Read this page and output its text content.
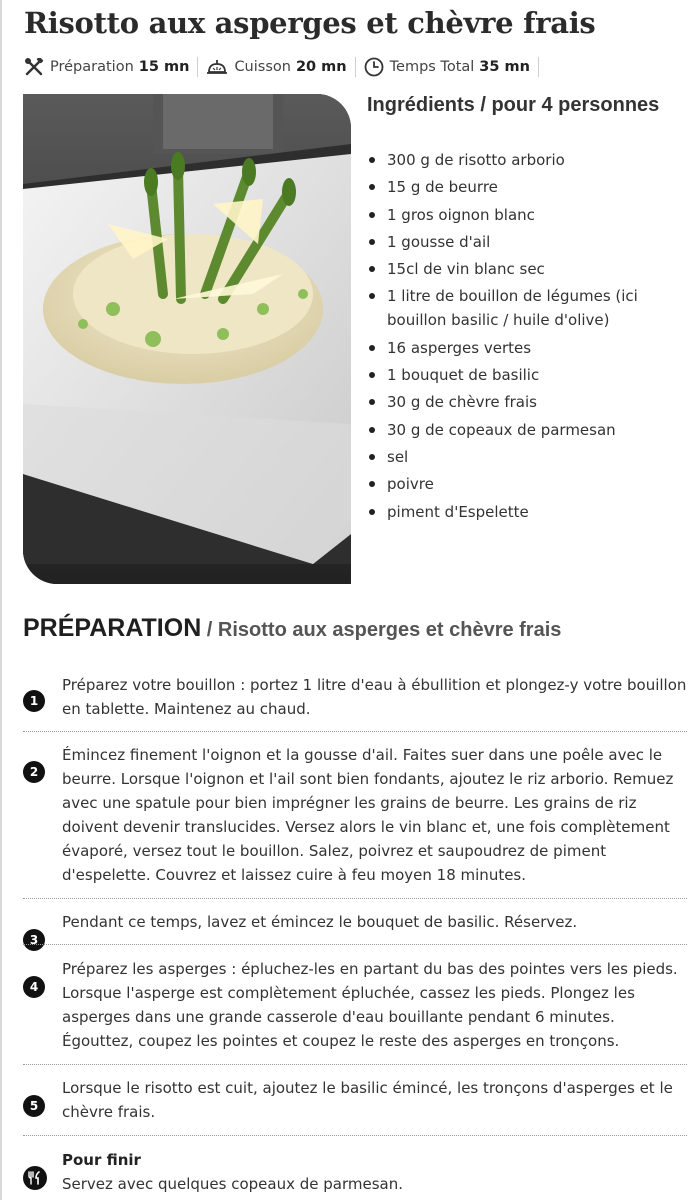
Risotto aux asperges et chèvre frais
Préparation 15 mn	Cuisson 20 mn	Temps Total 35 mn
Ingrédients / pour 4 personnes
300 g de risotto arborio
15 g de beurre
1 gros oignon blanc
1 gousse d'ail
15cl de vin blanc sec
1 litre de bouillon de légumes (ici bouillon basilic / huile d'olive)
16 asperges vertes
1 bouquet de basilic
30 g de chèvre frais
30 g de copeaux de parmesan
sel
poivre
piment d'Espelette
PRÉPARATION / Risotto aux asperges et chèvre frais
1
Préparez votre bouillon : portez 1 litre d'eau à ébullition et plongez-y votre bouillon en tablette. Maintenez au chaud.
2
Émincez finement l'oignon et la gousse d'ail. Faites suer dans une poêle avec le beurre. Lorsque l'oignon et l'ail sont bien fondants, ajoutez le riz arborio. Remuez avec une spatule pour bien imprégner les grains de beurre. Les grains de riz doivent devenir translucides. Versez alors le vin blanc et, une fois complètement évaporé, versez tout le bouillon. Salez, poivrez et saupoudrez de piment d'espelette. Couvrez et laissez cuire à feu moyen 18 minutes.
3
Pendant ce temps, lavez et émincez le bouquet de basilic. Réservez.
4
Préparez les asperges : épluchez-les en partant du bas des pointes vers les pieds. Lorsque l'asperge est complètement épluchée, cassez les pieds. Plongez les asperges dans une grande casserole d'eau bouillante pendant 6 minutes. Égouttez, coupez les pointes et coupez le reste des asperges en tronçons.
5
Lorsque le risotto est cuit, ajoutez le basilic émincé, les tronçons d'asperges et le chèvre frais.
Pour finir
Servez avec quelques copeaux de parmesan.
